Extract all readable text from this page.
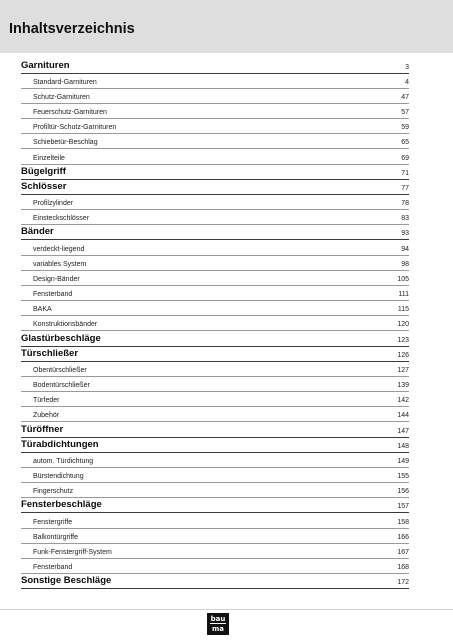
Inhaltsverzeichnis
Garnituren	3
Standard-Garnituren	4
Schutz-Garnituren	47
Feuerschutz-Garnituren	57
Profiltür-Schutz-Garnituren	59
Schiebetür-Beschlag	65
Einzelteile	69
Bügelgriff	71
Schlösser	77
Profilzylinder	78
Einsteckschlösser	83
Bänder	93
verdeckt-liegend	94
variables System	98
Design-Bänder	105
Fensterband	111
BAKA	115
Konstruktionsbänder	120
Glastürbeschläge	123
Türschließer	126
Obentürschließer	127
Bodentürschließer	139
Türfeder	142
Zubehör	144
Türöffner	147
Türabdichtungen	148
autom. Türdichtung	149
Bürstendichtung	155
Fingerschutz	156
Fensterbeschläge	157
Fenstergriffe	158
Balkontürgriffe	166
Funk-Fenstergriff-System	167
Fensterband	168
Sonstige Beschläge	172
bau
ma
